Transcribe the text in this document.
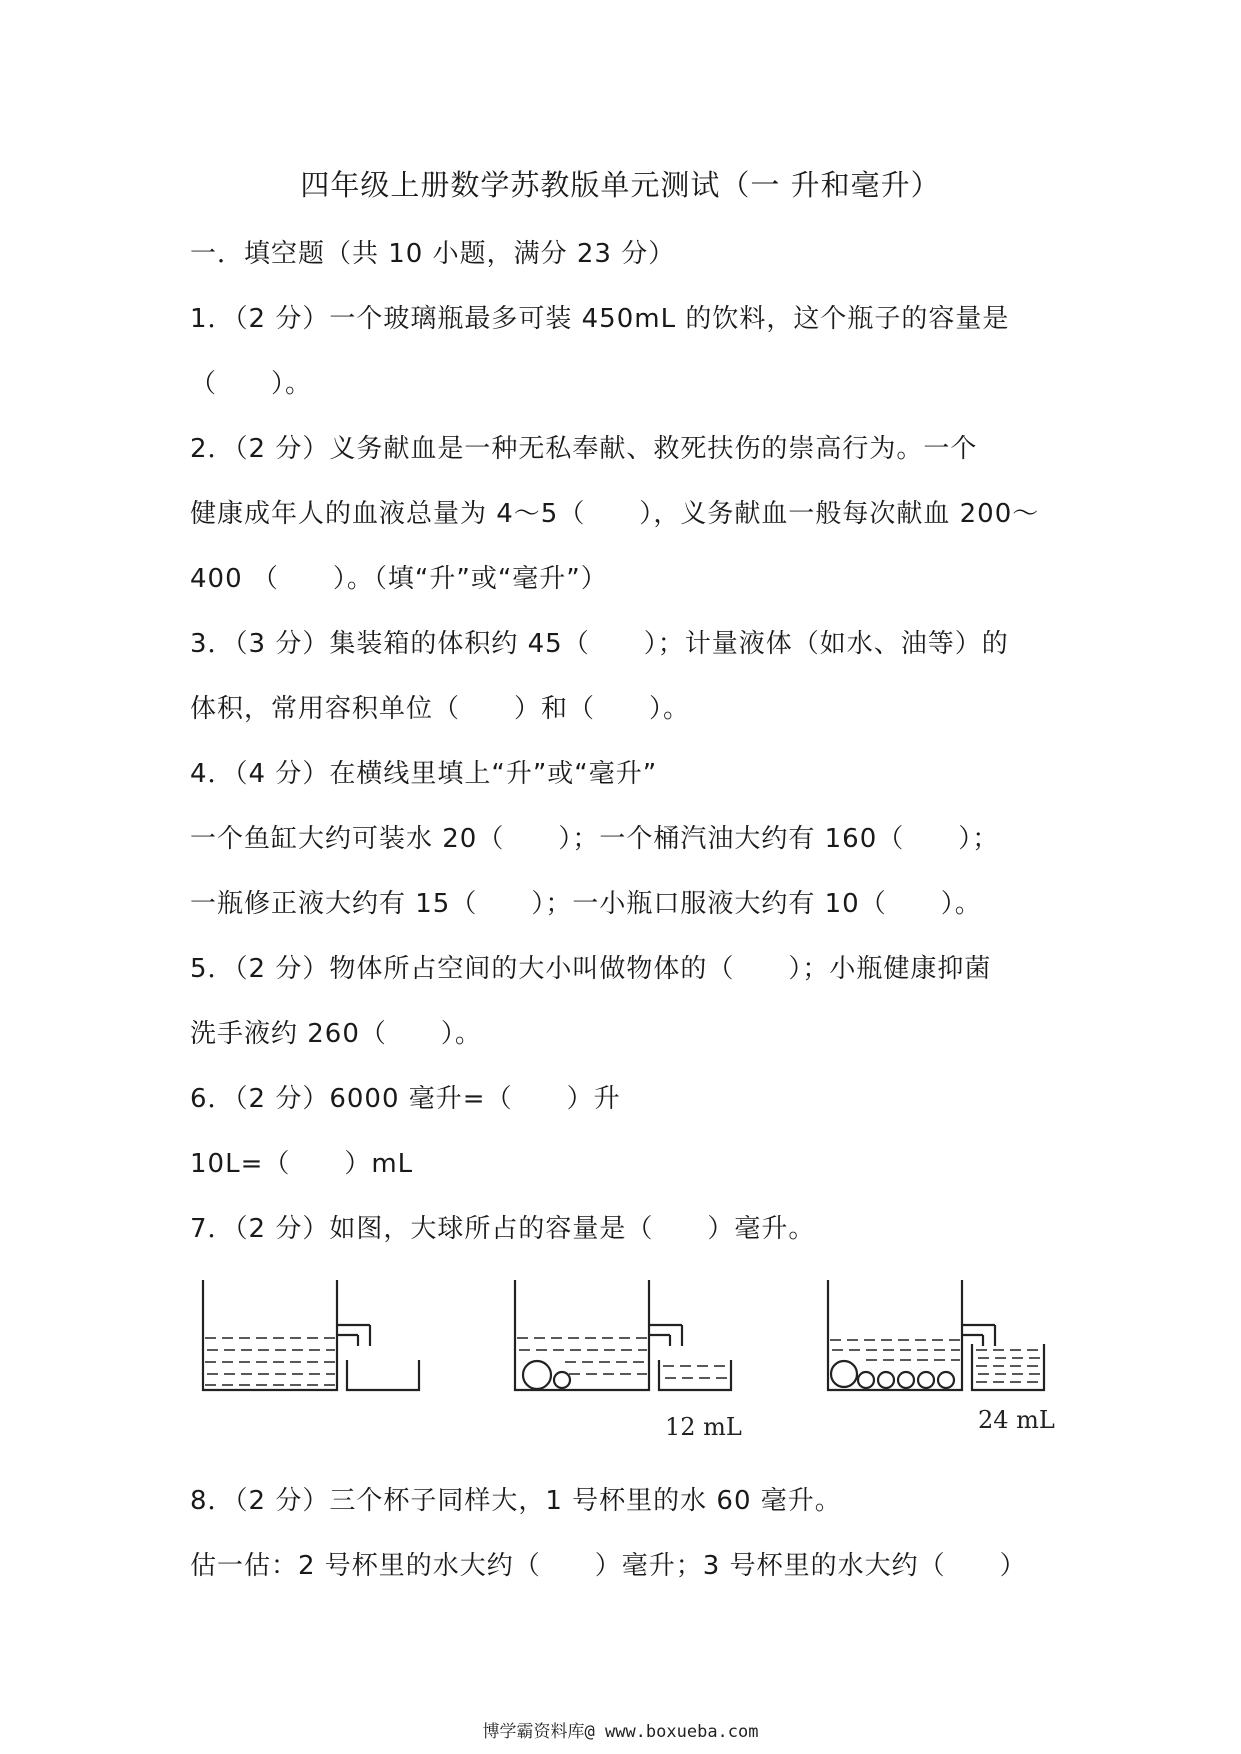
四年级上册数学苏教版单元测试（一 升和毫升）
一．填空题（共 10 小题，满分 23 分）
1．（2 分）一个玻璃瓶最多可装 450mL 的饮料，这个瓶子的容量是
（　　）。
2．（2 分）义务献血是一种无私奉献、救死扶伤的崇高行为。一个
健康成年人的血液总量为 4～5（　　），义务献血一般每次献血 200～
400 （　　）。（填“升”或“毫升”）
3．（3 分）集装箱的体积约 45（　　）；计量液体（如水、油等）的
体积，常用容积单位（　　）和（　　）。
4．（4 分）在横线里填上“升”或“毫升”
一个鱼缸大约可装水 20（　　）；一个桶汽油大约有 160（　　）；
一瓶修正液大约有 15（　　）；一小瓶口服液大约有 10（　　）。
5．（2 分）物体所占空间的大小叫做物体的（　　）；小瓶健康抑菌
洗手液约 260（　　）。
6．（2 分）6000 毫升=（　　）升
10L=（　　）mL
7．（2 分）如图，大球所占的容量是（　　）毫升。
12 mL	24 mL
8．（2 分）三个杯子同样大，1 号杯里的水 60 毫升。
估一估：2 号杯里的水大约（　　）毫升；3 号杯里的水大约（　　）
博学霸资料库@ www.boxueba.com
